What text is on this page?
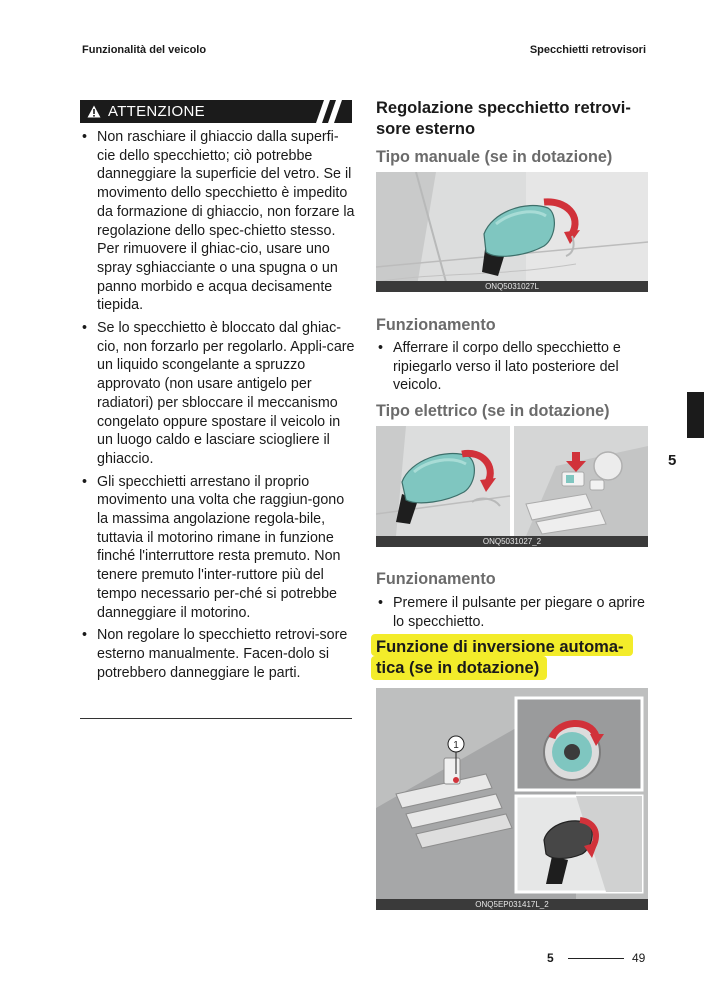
Funzionalità del veicolo	Specchietti retrovisori
ATTENZIONE
• Non raschiare il ghiaccio dalla superfi-cie dello specchietto; ciò potrebbe danneggiare la superficie del vetro. Se il movimento dello specchietto è impedito da formazione di ghiaccio, non forzare la regolazione dello spec-chietto stesso. Per rimuovere il ghiac-cio, usare uno spray sghiacciante o una spugna o un panno morbido e acqua decisamente tiepida.
• Se lo specchietto è bloccato dal ghiac-cio, non forzarlo per regolarlo. Appli-care un liquido scongelante a spruzzo approvato (non usare antigelo per radiatori) per sbloccare il meccanismo congelato oppure spostare il veicolo in un luogo caldo e lasciare sciogliere il ghiaccio.
• Gli specchietti arrestano il proprio movimento una volta che raggiun-gono la massima angolazione regola-bile, tuttavia il motorino rimane in funzione finché l'interruttore resta premuto. Non tenere premuto l'inter-ruttore più del tempo necessario per-ché si potrebbe danneggiare il motorino.
• Non regolare lo specchietto retrovi-sore esterno manualmente. Facen-dolo si potrebbero danneggiare le parti.
Regolazione specchietto retrovi-sore esterno
Tipo manuale (se in dotazione)
ONQ5031027L
Funzionamento
• Afferrare il corpo dello specchietto e ripiegarlo verso il lato posteriore del veicolo.
Tipo elettrico (se in dotazione)
ONQ5031027_2
Funzionamento
• Premere il pulsante per piegare o aprire lo specchietto.
Funzione di inversione automa-
tica (se in dotazione)
1
ONQ5EP031417L_2
5
5	49
